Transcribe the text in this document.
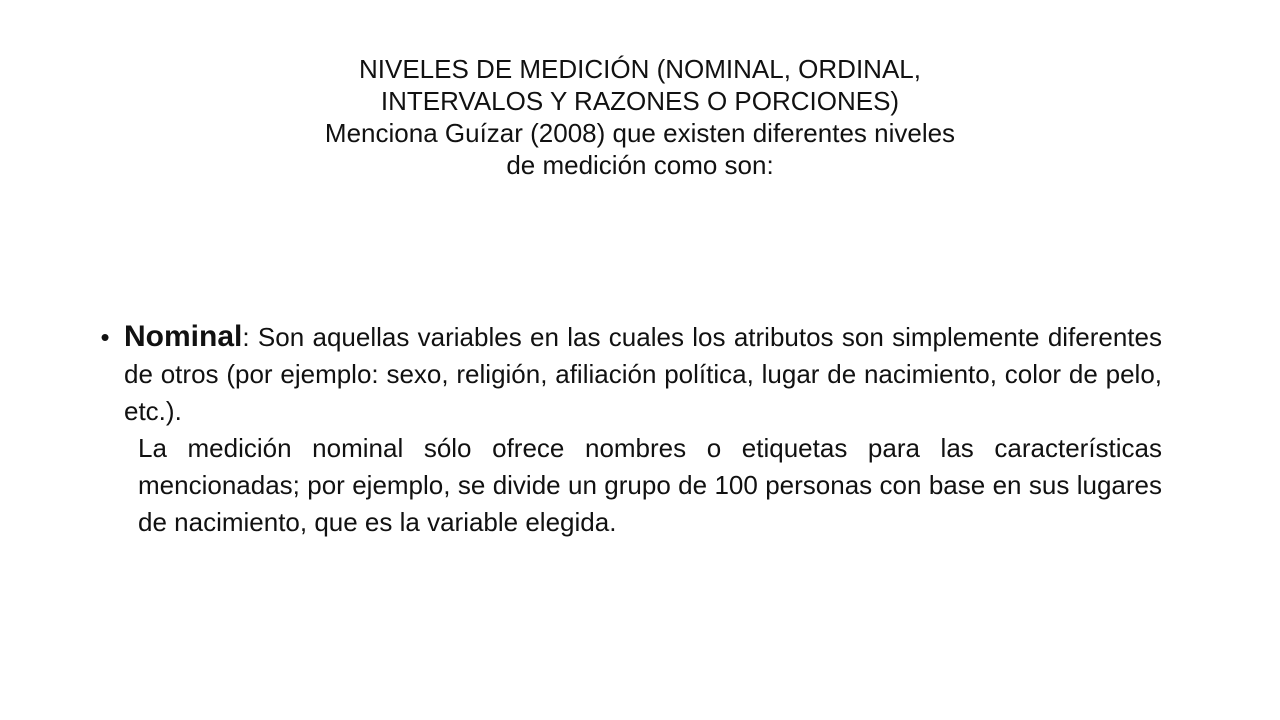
NIVELES DE MEDICIÓN (NOMINAL, ORDINAL,
INTERVALOS Y RAZONES O PORCIONES)
Menciona Guízar (2008) que existen diferentes niveles
de medición como son:
• Nominal: Son aquellas variables en las cuales los atributos son simplemente diferentes de otros (por ejemplo: sexo, religión, afiliación política, lugar de nacimiento, color de pelo, etc.).
La medición nominal sólo ofrece nombres o etiquetas para las características mencionadas; por ejemplo, se divide un grupo de 100 personas con base en sus lugares de nacimiento, que es la variable elegida.
